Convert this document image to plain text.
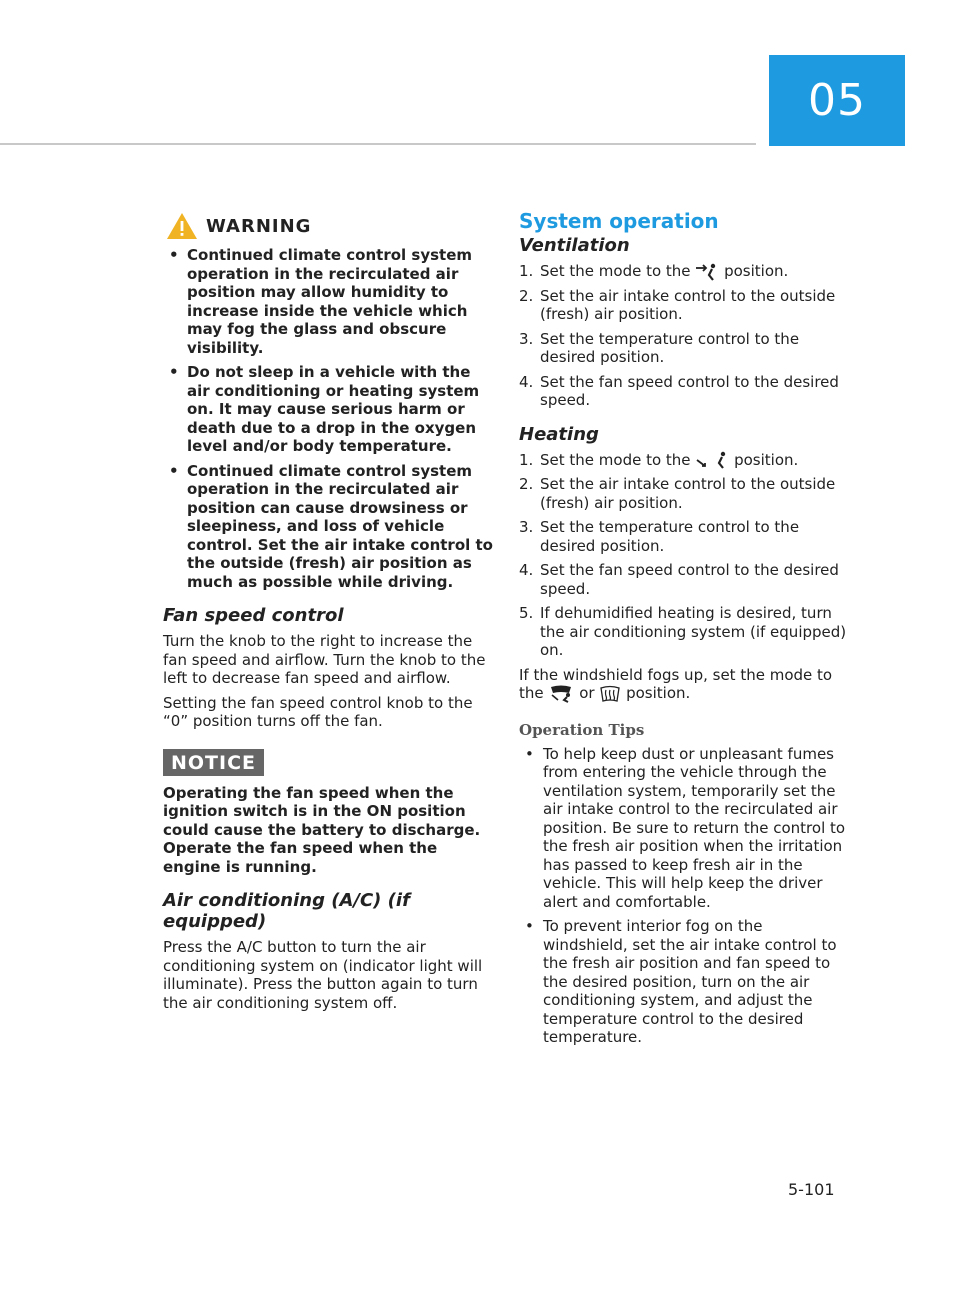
05
WARNING
• Continued climate control system operation in the recirculated air position may allow humidity to increase inside the vehicle which may fog the glass and obscure visibility.
• Do not sleep in a vehicle with the air conditioning or heating system on. It may cause serious harm or death due to a drop in the oxygen level and/or body temperature.
• Continued climate control system operation in the recirculated air position can cause drowsiness or sleepiness, and loss of vehicle control. Set the air intake control to the outside (fresh) air position as much as possible while driving.
Fan speed control

Turn the knob to the right to increase the fan speed and airflow. Turn the knob to the left to decrease fan speed and airflow.

Setting the fan speed control knob to the “0” position turns off the fan.

NOTICE

Operating the fan speed when the ignition switch is in the ON position could cause the battery to discharge. Operate the fan speed when the engine is running.

Air conditioning (A/C) (if equipped)

Press the A/C button to turn the air conditioning system on (indicator light will illuminate). Press the button again to turn the air conditioning system off.

System operation
Ventilation
1. Set the mode to the position.
2. Set the air intake control to the outside (fresh) air position.
3. Set the temperature control to the desired position.
4. Set the fan speed control to the desired speed.
Heating
1. Set the mode to the	position.
2. Set the air intake control to the outside (fresh) air position.
3. Set the temperature control to the desired position.
4. Set the fan speed control to the desired speed.
5. If dehumidified heating is desired, turn the air conditioning system (if equipped) on.

If the windshield fogs up, set the mode to the or position.

Operation Tips
• To help keep dust or unpleasant fumes from entering the vehicle through the ventilation system, temporarily set the air intake control to the recirculated air position. Be sure to return the control to the fresh air position when the irritation has passed to keep fresh air in the vehicle. This will help keep the driver alert and comfortable.
• To prevent interior fog on the windshield, set the air intake control to the fresh air position and fan speed to the desired position, turn on the air conditioning system, and adjust the temperature control to the desired temperature.
5-101
